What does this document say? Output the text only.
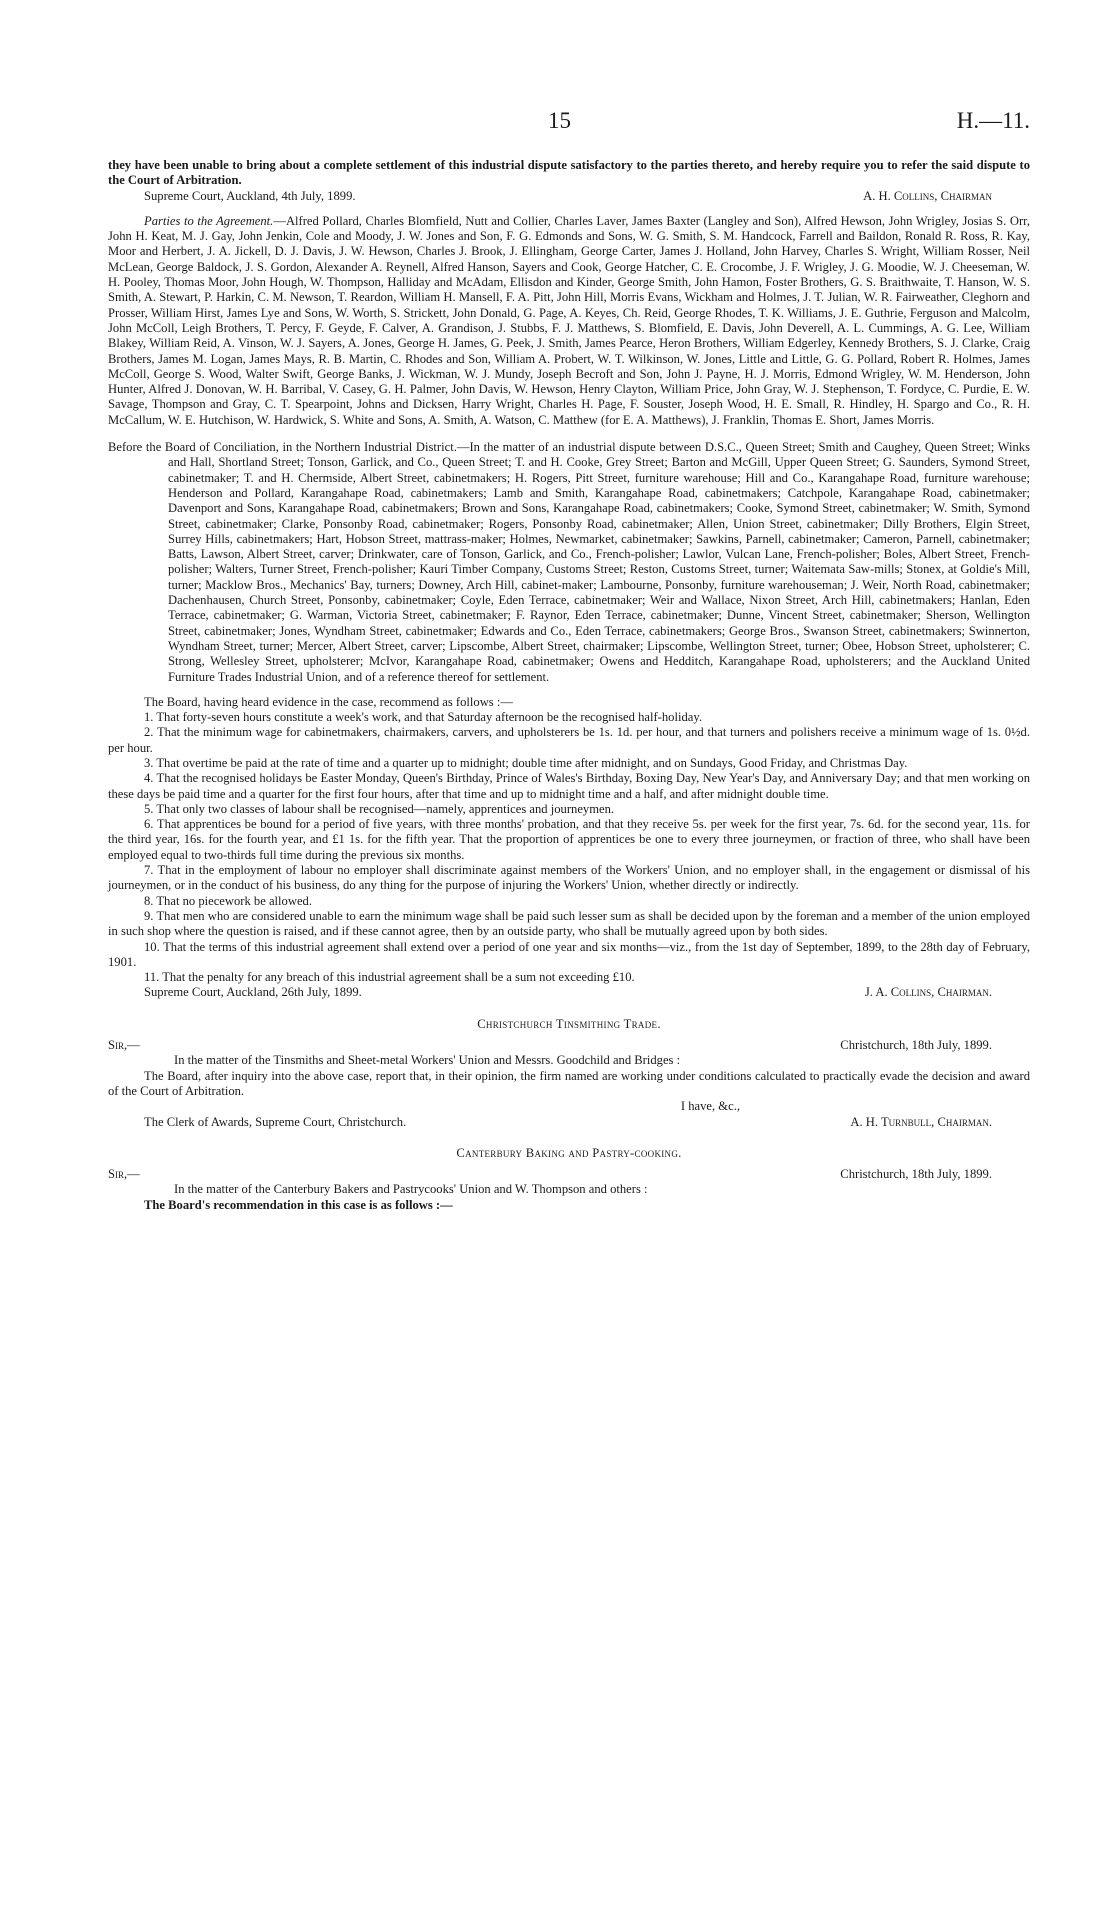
15	H.—11.

they have been unable to bring about a complete settlement of this industrial dispute satisfactory to the parties thereto, and hereby require you to refer the said dispute to the Court of Arbitration.

Supreme Court, Auckland, 4th July, 1899.	A. H. Collins, Chairman

Parties to the Agreement.—Alfred Pollard, Charles Blomfield, Nutt and Collier, Charles Laver, James Baxter (Langley and Son), Alfred Hewson, John Wrigley, Josias S. Orr, John H. Keat, M. J. Gay, John Jenkin, Cole and Moody, J. W. Jones and Son, F. G. Edmonds and Sons, W. G. Smith, S. M. Handcock, Farrell and Baildon, Ronald R. Ross, R. Kay, Moor and Herbert, J. A. Jickell, D. J. Davis, J. W. Hewson, Charles J. Brook, J. Ellingham, George Carter, James J. Holland, John Harvey, Charles S. Wright, William Rosser, Neil McLean, George Baldock, J. S. Gordon, Alexander A. Reynell, Alfred Hanson, Sayers and Cook, George Hatcher, C. E. Crocombe, J. F. Wrigley, J. G. Moodie, W. J. Cheeseman, W. H. Pooley, Thomas Moor, John Hough, W. Thompson, Halliday and McAdam, Ellisdon and Kinder, George Smith, John Hamon, Foster Brothers, G. S. Braithwaite, T. Hanson, W. S. Smith, A. Stewart, P. Harkin, C. M. Newson, T. Reardon, William H. Mansell, F. A. Pitt, John Hill, Morris Evans, Wickham and Holmes, J. T. Julian, W. R. Fairweather, Cleghorn and Prosser, William Hirst, James Lye and Sons, W. Worth, S. Strickett, John Donald, G. Page, A. Keyes, Ch. Reid, George Rhodes, T. K. Williams, J. E. Guthrie, Ferguson and Malcolm, John McColl, Leigh Brothers, T. Percy, F. Geyde, F. Calver, A. Grandison, J. Stubbs, F. J. Matthews, S. Blomfield, E. Davis, John Deverell, A. L. Cummings, A. G. Lee, William Blakey, William Reid, A. Vinson, W. J. Sayers, A. Jones, George H. James, G. Peek, J. Smith, James Pearce, Heron Brothers, William Edgerley, Kennedy Brothers, S. J. Clarke, Craig Brothers, James M. Logan, James Mays, R. B. Martin, C. Rhodes and Son, William A. Probert, W. T. Wilkinson, W. Jones, Little and Little, G. G. Pollard, Robert R. Holmes, James McColl, George S. Wood, Walter Swift, George Banks, J. Wickman, W. J. Mundy, Joseph Becroft and Son, John J. Payne, H. J. Morris, Edmond Wrigley, W. M. Henderson, John Hunter, Alfred J. Donovan, W. H. Barribal, V. Casey, G. H. Palmer, John Davis, W. Hewson, Henry Clayton, William Price, John Gray, W. J. Stephenson, T. Fordyce, C. Purdie, E. W. Savage, Thompson and Gray, C. T. Spearpoint, Johns and Dicksen, Harry Wright, Charles H. Page, F. Souster, Joseph Wood, H. E. Small, R. Hindley, H. Spargo and Co., R. H. McCallum, W. E. Hutchison, W. Hardwick, S. White and Sons, A. Smith, A. Watson, C. Matthew (for E. A. Matthews), J. Franklin, Thomas E. Short, James Morris.

Before the Board of Conciliation, in the Northern Industrial District.—In the matter of an industrial dispute between D.S.C., Queen Street; Smith and Caughey, Queen Street; Winks and Hall, Shortland Street; Tonson, Garlick, and Co., Queen Street; T. and H. Cooke, Grey Street; Barton and McGill, Upper Queen Street; G. Saunders, Symond Street, cabinetmaker; T. and H. Chermside, Albert Street, cabinetmakers; H. Rogers, Pitt Street, furniture warehouse; Hill and Co., Karangahape Road, furniture warehouse; Henderson and Pollard, Karangahape Road, cabinetmakers; Lamb and Smith, Karangahape Road, cabinetmakers; Catchpole, Karangahape Road, cabinetmaker; Davenport and Sons, Karangahape Road, cabinetmakers; Brown and Sons, Karangahape Road, cabinetmakers; Cooke, Symond Street, cabinetmaker; W. Smith, Symond Street, cabinetmaker; Clarke, Ponsonby Road, cabinetmaker; Rogers, Ponsonby Road, cabinetmaker; Allen, Union Street, cabinetmaker; Dilly Brothers, Elgin Street, Surrey Hills, cabinetmakers; Hart, Hobson Street, mattrass-maker; Holmes, Newmarket, cabinetmaker; Sawkins, Parnell, cabinetmaker; Cameron, Parnell, cabinetmaker; Batts, Lawson, Albert Street, carver; Drinkwater, care of Tonson, Garlick, and Co., French-polisher; Lawlor, Vulcan Lane, French-polisher; Boles, Albert Street, French-polisher; Walters, Turner Street, French-polisher; Kauri Timber Company, Customs Street; Reston, Customs Street, turner; Waitemata Saw-mills; Stonex, at Goldie's Mill, turner; Macklow Bros., Mechanics' Bay, turners; Downey, Arch Hill, cabinet-maker; Lambourne, Ponsonby, furniture warehouseman; J. Weir, North Road, cabinetmaker; Dachenhausen, Church Street, Ponsonby, cabinetmaker; Coyle, Eden Terrace, cabinetmaker; Weir and Wallace, Nixon Street, Arch Hill, cabinetmakers; Hanlan, Eden Terrace, cabinetmaker; G. Warman, Victoria Street, cabinetmaker; F. Raynor, Eden Terrace, cabinetmaker; Dunne, Vincent Street, cabinetmaker; Sherson, Wellington Street, cabinetmaker; Jones, Wyndham Street, cabinetmaker; Edwards and Co., Eden Terrace, cabinetmakers; George Bros., Swanson Street, cabinetmakers; Swinnerton, Wyndham Street, turner; Mercer, Albert Street, carver; Lipscombe, Albert Street, chairmaker; Lipscombe, Wellington Street, turner; Obee, Hobson Street, upholsterer; C. Strong, Wellesley Street, upholsterer; McIvor, Karangahape Road, cabinetmaker; Owens and Hedditch, Karangahape Road, upholsterers; and the Auckland United Furniture Trades Industrial Union, and of a reference thereof for settlement.

The Board, having heard evidence in the case, recommend as follows :—

1. That forty-seven hours constitute a week's work, and that Saturday afternoon be the recognised half-holiday.

2. That the minimum wage for cabinetmakers, chairmakers, carvers, and upholsterers be 1s. 1d. per hour, and that turners and polishers receive a minimum wage of 1s. 0½d. per hour.

3. That overtime be paid at the rate of time and a quarter up to midnight; double time after midnight, and on Sundays, Good Friday, and Christmas Day.

4. That the recognised holidays be Easter Monday, Queen's Birthday, Prince of Wales's Birthday, Boxing Day, New Year's Day, and Anniversary Day; and that men working on these days be paid time and a quarter for the first four hours, after that time and up to midnight time and a half, and after midnight double time.

5. That only two classes of labour shall be recognised—namely, apprentices and journeymen.

6. That apprentices be bound for a period of five years, with three months' probation, and that they receive 5s. per week for the first year, 7s. 6d. for the second year, 11s. for the third year, 16s. for the fourth year, and £1 1s. for the fifth year. That the proportion of apprentices be one to every three journeymen, or fraction of three, who shall have been employed equal to two-thirds full time during the previous six months.

7. That in the employment of labour no employer shall discriminate against members of the Workers' Union, and no employer shall, in the engagement or dismissal of his journeymen, or in the conduct of his business, do any thing for the purpose of injuring the Workers' Union, whether directly or indirectly.

8. That no piecework be allowed.

9. That men who are considered unable to earn the minimum wage shall be paid such lesser sum as shall be decided upon by the foreman and a member of the union employed in such shop where the question is raised, and if these cannot agree, then by an outside party, who shall be mutually agreed upon by both sides.

10. That the terms of this industrial agreement shall extend over a period of one year and six months—viz., from the 1st day of September, 1899, to the 28th day of February, 1901.

11. That the penalty for any breach of this industrial agreement shall be a sum not exceeding £10.

Supreme Court, Auckland, 26th July, 1899.	J. A. Collins, Chairman.
Christchurch Tinsmithing Trade.
Sir,—	Christchurch, 18th July, 1899.

In the matter of the Tinsmiths and Sheet-metal Workers' Union and Messrs. Goodchild and Bridges :

The Board, after inquiry into the above case, report that, in their opinion, the firm named are working under conditions calculated to practically evade the decision and award of the Court of Arbitration.

I have, &c.,

The Clerk of Awards, Supreme Court, Christchurch.	A. H. Turnbull, Chairman.
Canterbury Baking and Pastry-cooking.
Sir,—	Christchurch, 18th July, 1899.

In the matter of the Canterbury Bakers and Pastrycooks' Union and W. Thompson and others :

The Board's recommendation in this case is as follows :—
